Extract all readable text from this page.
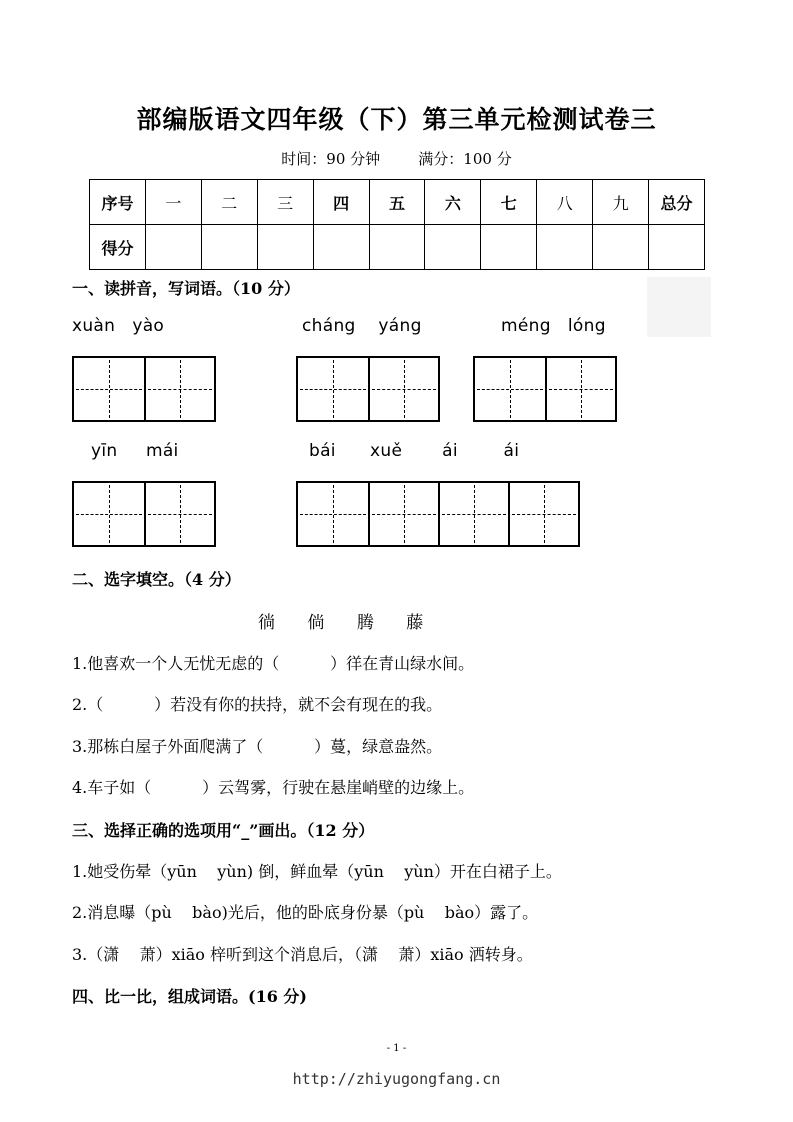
部编版语文四年级（下）第三单元检测试卷三
时间：90 分钟        满分：100 分
序号	一	二	三	四	五	六	七	八	九	总分
得分										
一、读拼音，写词语。（10 分）
xuàn   yào	cháng    yáng	méng   lóng
yīn     mái	bái      xuě       ái        ái
二、选字填空。（4 分）
徜      倘      腾      藤
1.他喜欢一个人无忧无虑的（          ）徉在青山绿水间。
2.（          ）若没有你的扶持，就不会有现在的我。
3.那栋白屋子外面爬满了（          ）蔓，绿意盎然。
4.车子如（          ）云驾雾，行驶在悬崖峭壁的边缘上。
三、选择正确的选项用“_”画出。（12 分）
1.她受伤晕（yūn    yùn) 倒，鲜血晕（yūn    yùn）开在白裙子上。
2.消息曝（pù    bào)光后，他的卧底身份暴（pù    bào）露了。
3.（潇    萧）xiāo 梓听到这个消息后，（潇    萧）xiāo 洒转身。
四、比一比，组成词语。(16 分)
- 1 -
http://zhiyugongfang.cn
